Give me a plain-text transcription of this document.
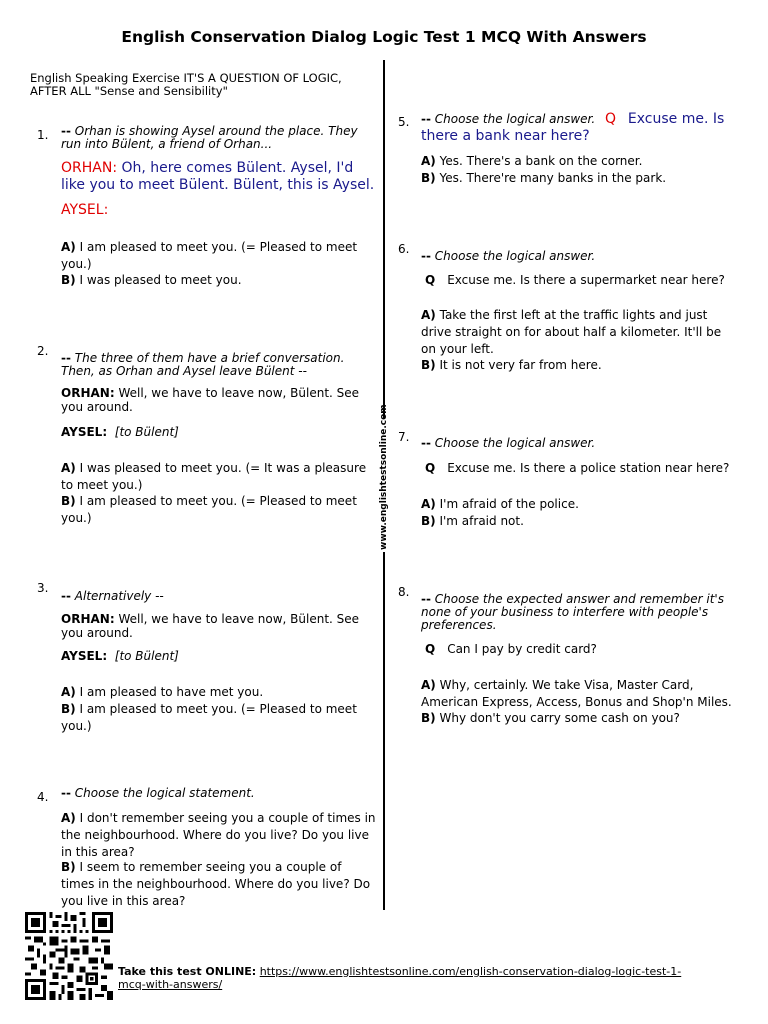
English Conservation Dialog Logic Test 1 MCQ With Answers
English Speaking Exercise IT'S A QUESTION OF LOGIC, AFTER ALL "Sense and Sensibility"
www.englishtestsonline.com
1. -- Orhan is showing Aysel around the place. They run into Bülent, a friend of Orhan...
ORHAN: Oh, here comes Bülent. Aysel, I'd like you to meet Bülent. Bülent, this is Aysel.
AYSEL:
A) I am pleased to meet you. (= Pleased to meet you.)
B) I was pleased to meet you.
2. -- The three of them have a brief conversation. Then, as Orhan and Aysel leave Bülent --
ORHAN: Well, we have to leave now, Bülent. See you around.
AYSEL: [to Bülent]
A) I was pleased to meet you. (= It was a pleasure to meet you.)
B) I am pleased to meet you. (= Pleased to meet you.)
3.
-- Alternatively --
ORHAN: Well, we have to leave now, Bülent. See you around.
AYSEL: [to Bülent]
A) I am pleased to have met you.
B) I am pleased to meet you. (= Pleased to meet you.)
4. -- Choose the logical statement.
A) I don't remember seeing you a couple of times in the neighbourhood. Where do you live? Do you live in this area?
B) I seem to remember seeing you a couple of times in the neighbourhood. Where do you live? Do you live in this area?
5. -- Choose the logical answer. Q Excuse me. Is there a bank near here?
A) Yes. There's a bank on the corner.
B) Yes. There're many banks in the park.
6. -- Choose the logical answer.
Q Excuse me. Is there a supermarket near here?
A) Take the first left at the traffic lights and just drive straight on for about half a kilometer. It'll be on your left.
B) It is not very far from here.
7. -- Choose the logical answer.
Q Excuse me. Is there a police station near here?
A) I'm afraid of the police.
B) I'm afraid not.
8. -- Choose the expected answer and remember it's none of your business to interfere with people's preferences.
Q Can I pay by credit card?
A) Why, certainly. We take Visa, Master Card, American Express, Access, Bonus and Shop'n Miles.
B) Why don't you carry some cash on you?
Take this test ONLINE: https://www.englishtestsonline.com/english-conservation-dialog-logic-test-1-mcq-with-answers/
